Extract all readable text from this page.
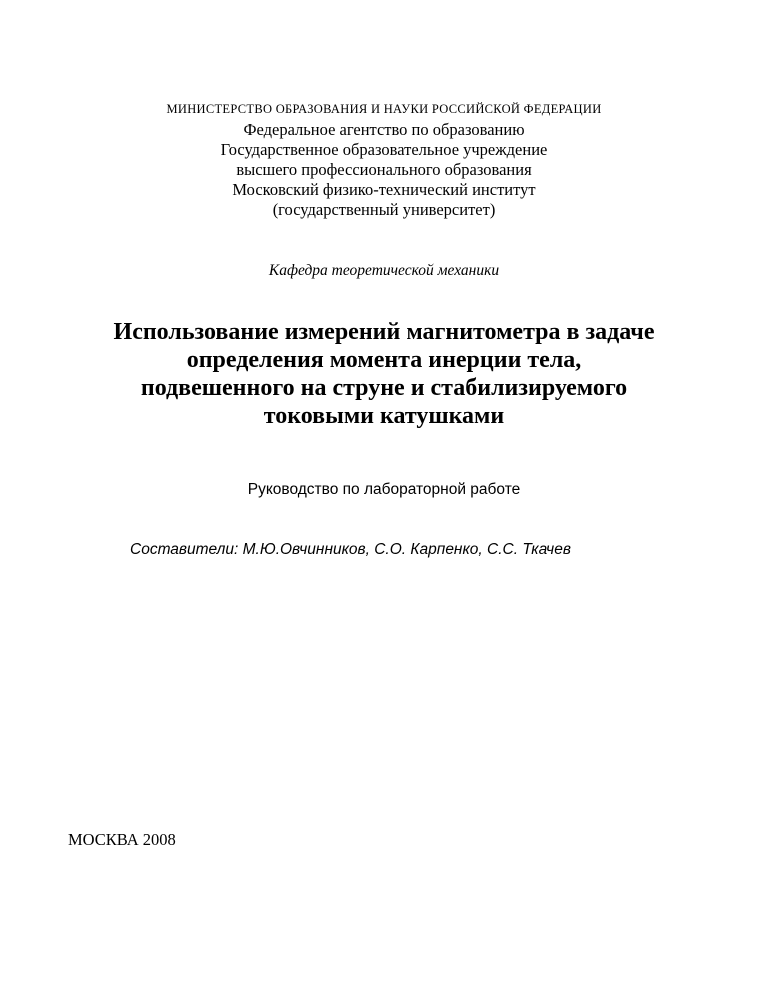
МИНИСТЕРСТВО ОБРАЗОВАНИЯ И НАУКИ РОССИЙСКОЙ ФЕДЕРАЦИИ
Федеральное агентство по образованию
Государственное образовательное учреждение
высшего профессионального образования
Московский физико-технический институт
(государственный университет)
Кафедра теоретической механики
Использование измерений магнитометра в задаче
определения момента инерции тела,
подвешенного на струне и стабилизируемого
токовыми катушками
Руководство по лабораторной работе
Составители: М.Ю.Овчинников, С.О. Карпенко, С.С. Ткачев
МОСКВА 2008
